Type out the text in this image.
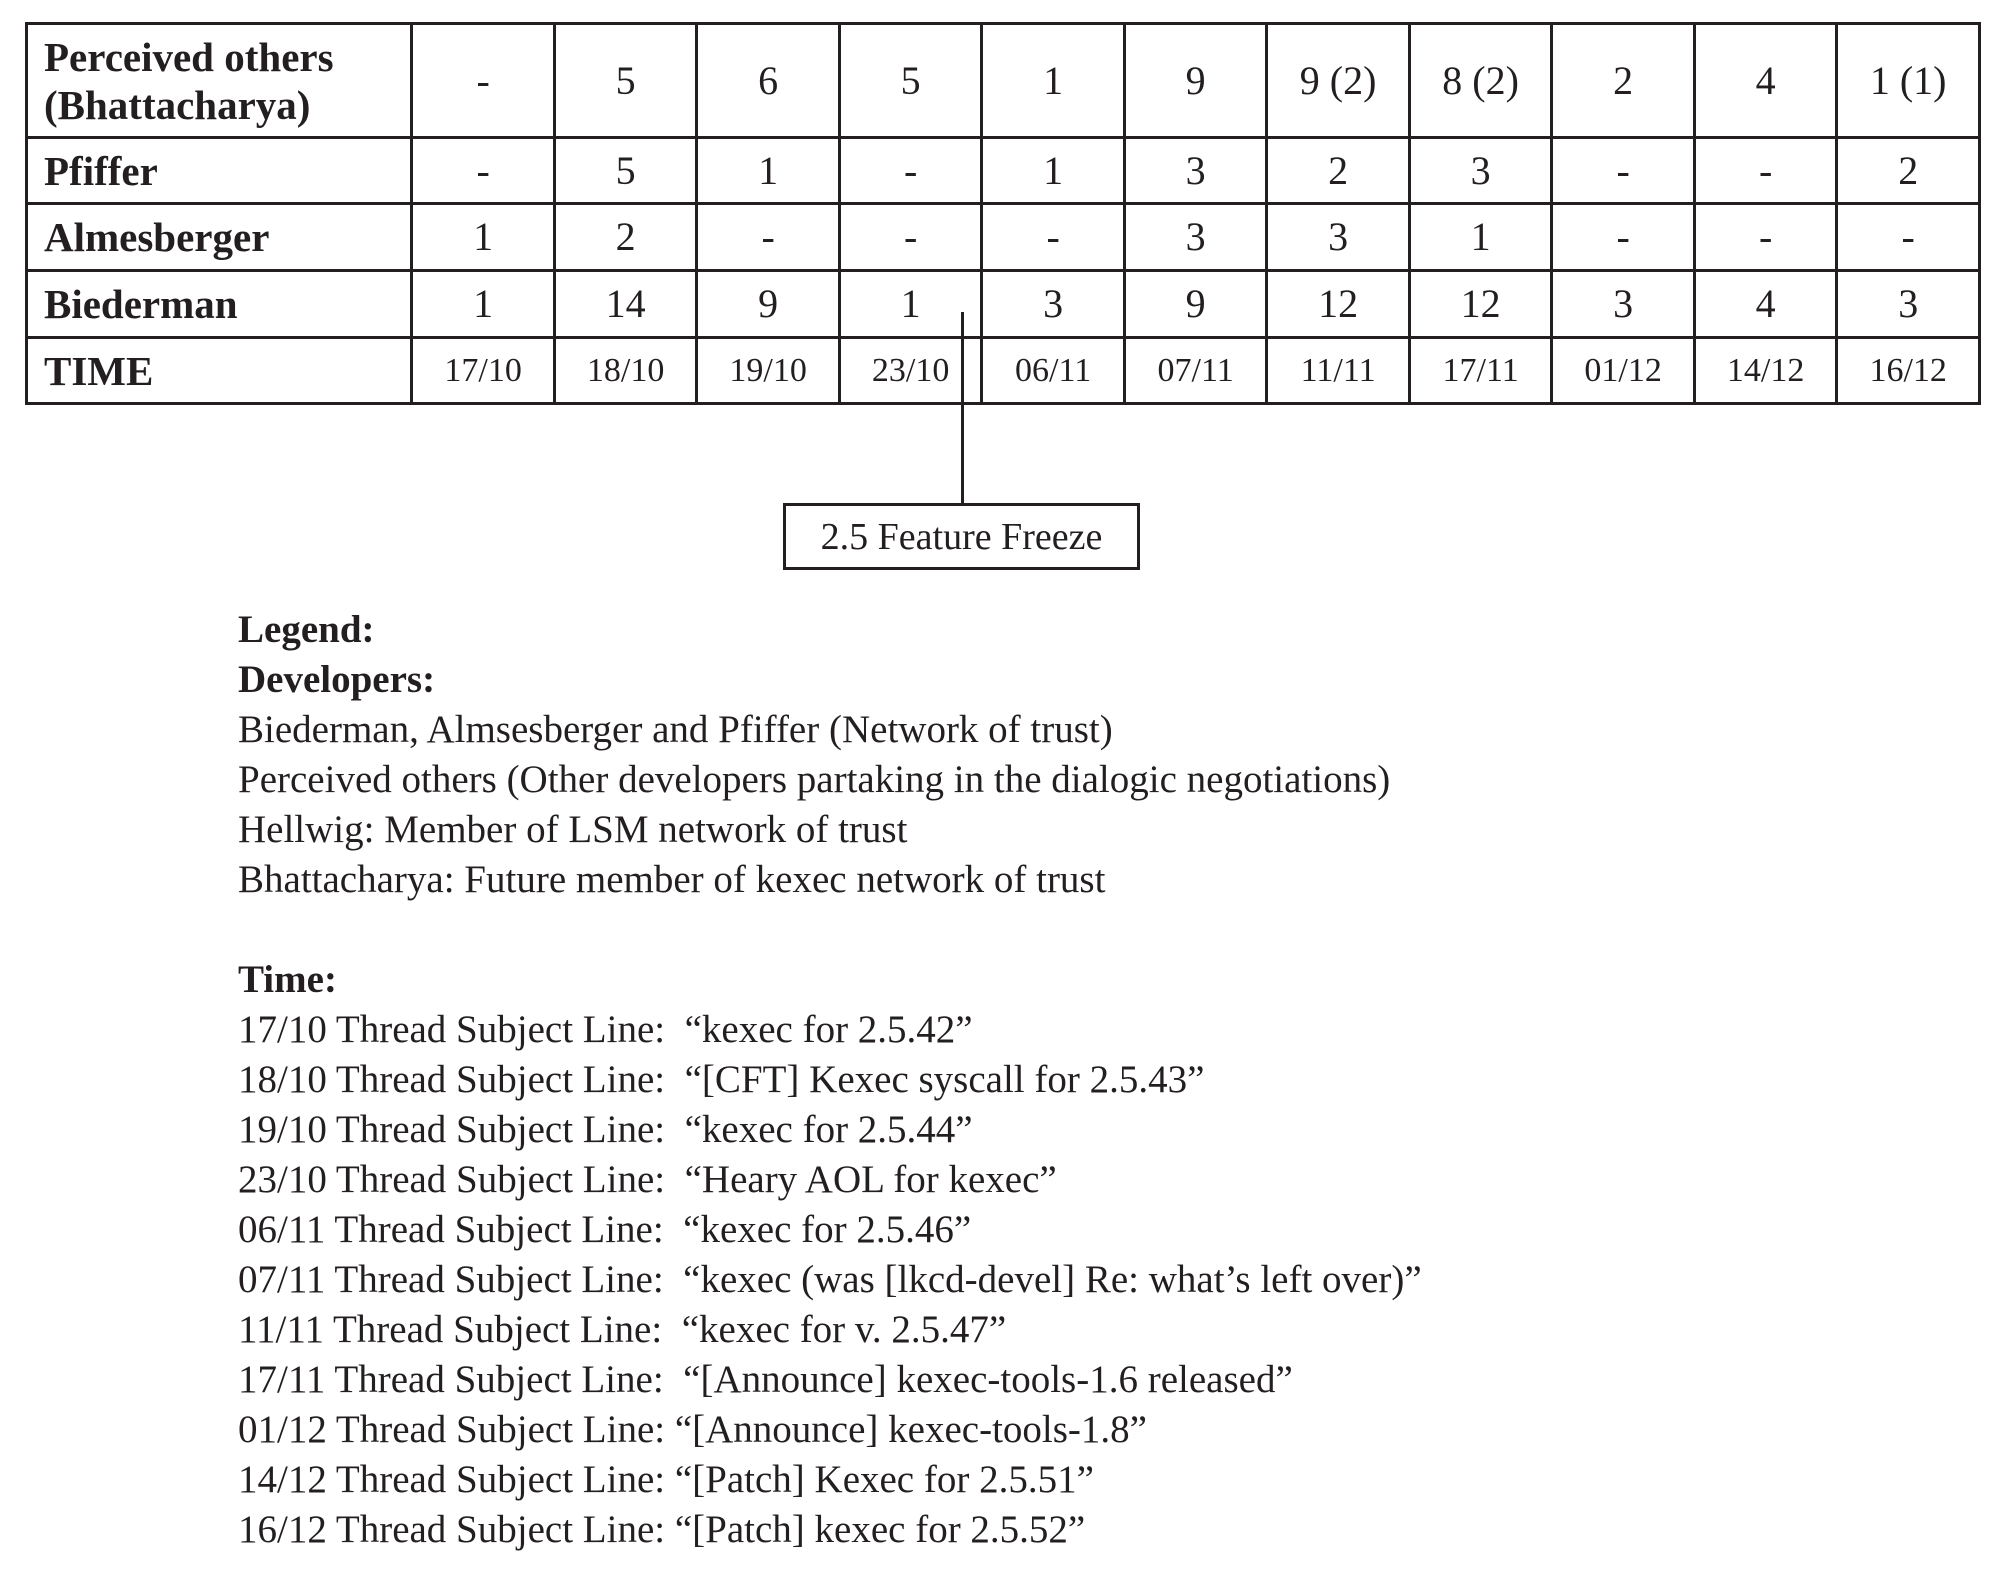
Perceived others (Bhattacharya)	-	5	6	5	1	9	9 (2)	8 (2)	2	4	1 (1)
Pfiffer	-	5	1	-	1	3	2	3	-	-	2
Almesberger	1	2	-	-	-	3	3	1	-	-	-
Biederman	1	14	9	1	3	9	12	12	3	4	3
TIME	17/10	18/10	19/10	23/10	06/11	07/11	11/11	17/11	01/12	14/12	16/12
2.5 Feature Freeze
Legend:
Developers:
Biederman, Almsesberger and Pfiffer (Network of trust)
Perceived others (Other developers partaking in the dialogic negotiations)
Hellwig: Member of LSM network of trust
Bhattacharya: Future member of kexec network of trust
Time:
17/10 Thread Subject Line:  “kexec for 2.5.42”
18/10 Thread Subject Line:  “[CFT] Kexec syscall for 2.5.43”
19/10 Thread Subject Line:  “kexec for 2.5.44”
23/10 Thread Subject Line:  “Heary AOL for kexec”
06/11 Thread Subject Line:  “kexec for 2.5.46”
07/11 Thread Subject Line:  “kexec (was [lkcd-devel] Re: what’s left over)”
11/11 Thread Subject Line:  “kexec for v. 2.5.47”
17/11 Thread Subject Line:  “[Announce] kexec-tools-1.6 released”
01/12 Thread Subject Line: “[Announce] kexec-tools-1.8”
14/12 Thread Subject Line: “[Patch] Kexec for 2.5.51”
16/12 Thread Subject Line: “[Patch] kexec for 2.5.52”
